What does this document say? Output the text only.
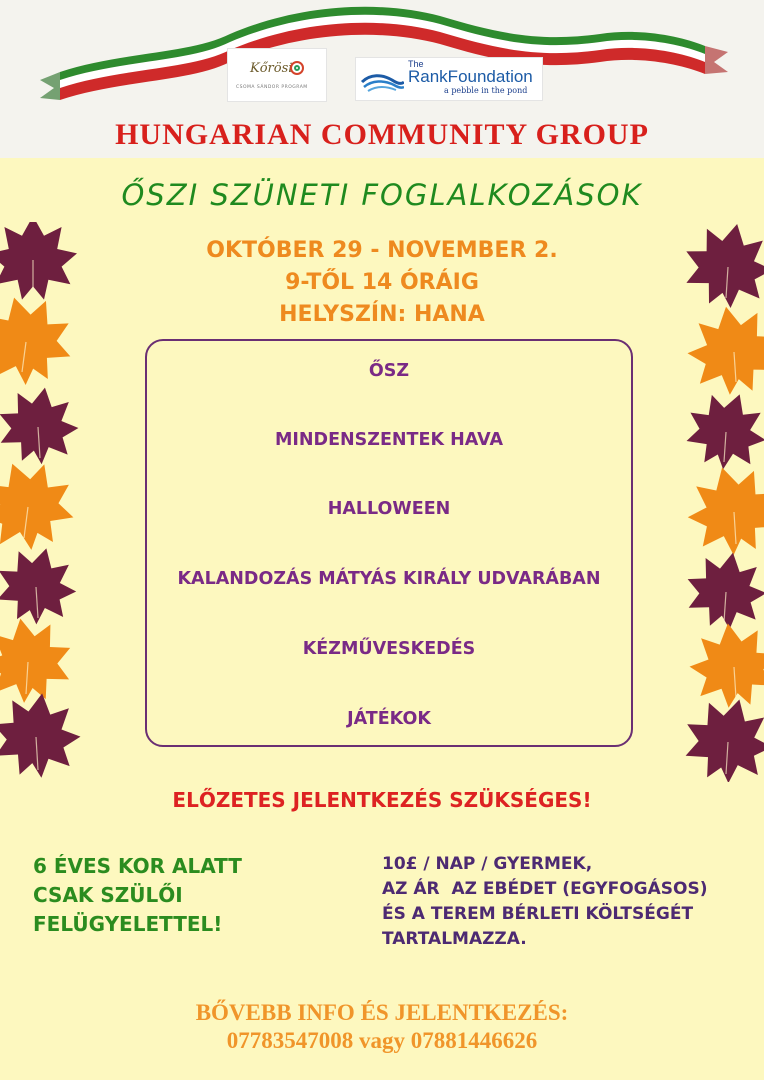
Kőrösi
CSOMA SÁNDOR PROGRAM
The
RankFoundation
a pebble in the pond
HUNGARIAN COMMUNITY GROUP
ŐSZI SZÜNETI FOGLALKOZÁSOK
OKTÓBER 29 - NOVEMBER 2.
9-TŐL 14 ÓRÁIG
HELYSZÍN: HANA
ŐSZ
MINDENSZENTEK HAVA
HALLOWEEN
KALANDOZÁS MÁTYÁS KIRÁLY UDVARÁBAN
KÉZMŰVESKEDÉS
JÁTÉKOK
ELŐZETES JELENTKEZÉS SZÜKSÉGES!
6 ÉVES KOR ALATT
CSAK SZÜLŐI
FELÜGYELETTEL!
10£ / NAP / GYERMEK,
AZ ÁR  AZ EBÉDET (EGYFOGÁSOS)
ÉS A TEREM BÉRLETI KÖLTSÉGÉT
TARTALMAZZA.
BŐVEBB INFO ÉS JELENTKEZÉS:
07783547008 vagy 07881446626
